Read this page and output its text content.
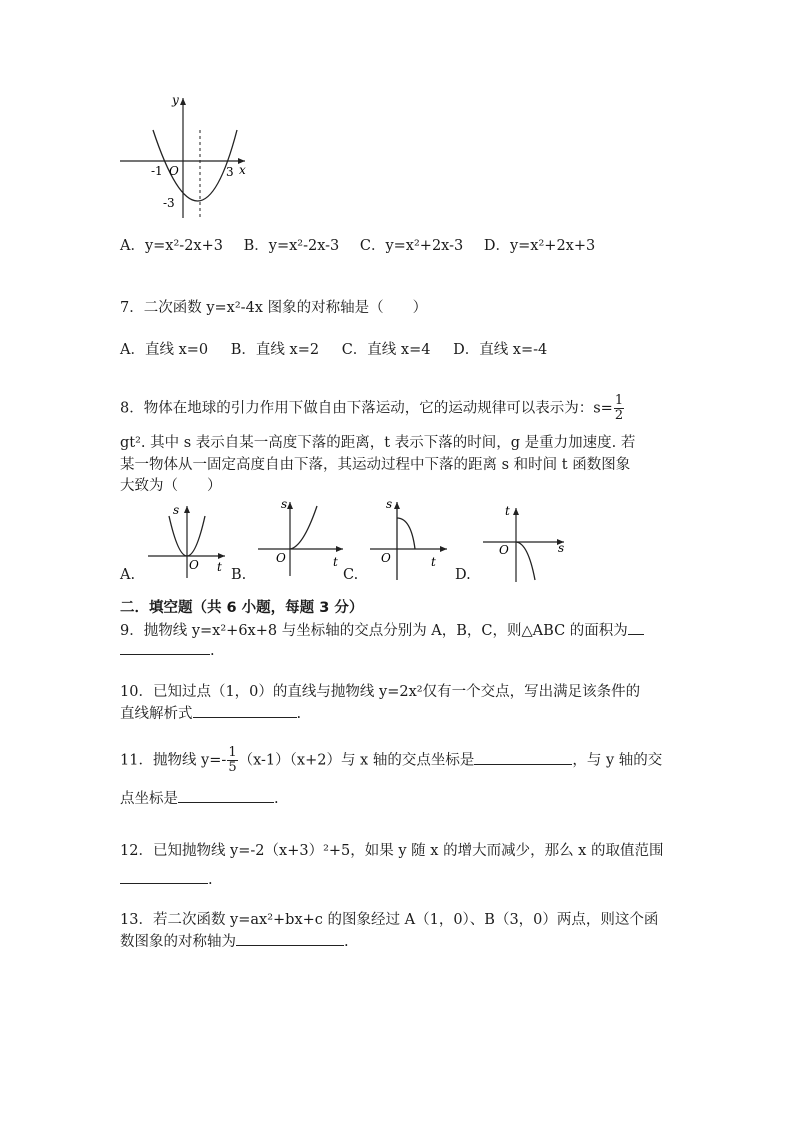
y
x
O
-1	3
-3
A．y=x²-2x+3 B．y=x²-2x-3 C．y=x²+2x-3 D．y=x²+2x+3
7．二次函数 y=x²-4x 图象的对称轴是（　　）
A．直线 x=0 B．直线 x=2 C．直线 x=4 D．直线 x=-4
8．物体在地球的引力作用下做自由下落运动，它的运动规律可以表示为：$s= \frac{1}{2}$
gt². 其中 s 表示自某一高度下落的距离，t 表示下落的时间，g 是重力加速度. 若
某一物体从一固定高度自由下落，其运动过程中下落的距离 s 和时间 t 函数图象
大致为（　　）
s
t
O
A.
s
t
O
B.
s
t
O
C.
t
s
O
D.
二．填空题（共 6 小题，每题 3 分）
9．抛物线 y=x²+6x+8 与坐标轴的交点分别为 A，B，C，则△ABC 的面积为
.
10．已知过点（1，0）的直线与抛物线 y=2x²仅有一个交点，写出满足该条件的
直线解析式	.
11．抛物线 $y=- \frac{1}{5} (x-1)(x+2)$与 x 轴的交点坐标是	，与 y 轴的交
点坐标是	.
12．已知抛物线 y=-2（x+3）²+5，如果 y 随 x 的增大而减少，那么 x 的取值范围
.
13．若二次函数 y=ax²+bx+c 的图象经过 A（1，0）、B（3，0）两点，则这个函
数图象的对称轴为	.
